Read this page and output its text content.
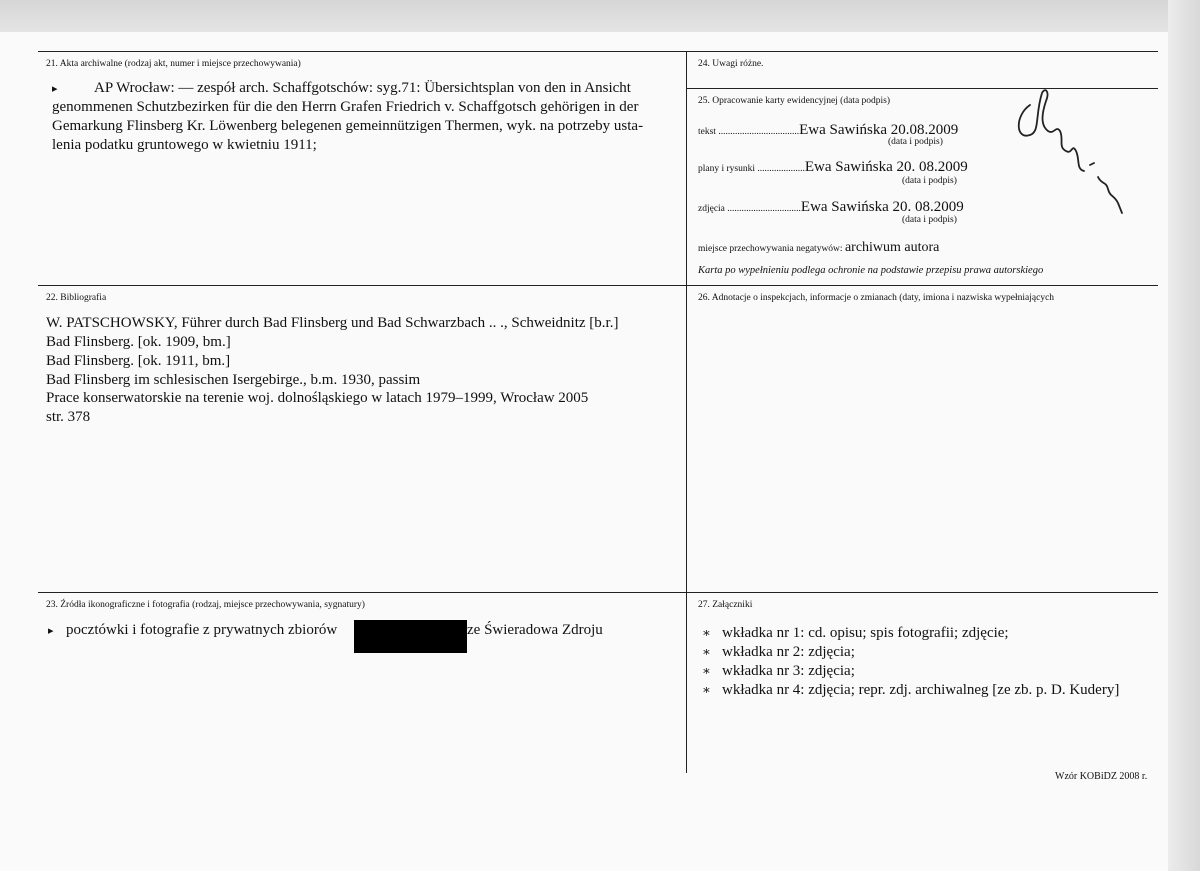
21. Akta archiwalne (rodzaj akt, numer i miejsce przechowywania)
▸ AP Wrocław: — zespół arch. Schaffgotschów: syg.71: Übersichtsplan von den in Ansicht
genommenen Schutzbezirken für die den Herrn Grafen Friedrich v. Schaffgotsch gehörigen in der
Gemarkung Flinsberg Kr. Löwenberg belegenen gemeinnützigen Thermen, wyk. na potrzeby usta-
lenia podatku gruntowego w kwietniu 1911;
24. Uwagi różne.
25. Opracowanie karty ewidencyjnej (data podpis)
tekst ..................................Ewa Sawińska 20.08.2009
(data i podpis)
plany i rysunki ....................Ewa Sawińska 20. 08.2009
(data i podpis)
zdjęcia ...............................Ewa Sawińska 20. 08.2009
(data i podpis)
miejsce przechowywania negatywów: archiwum autora
Karta po wypełnieniu podlega ochronie na podstawie przepisu prawa autorskiego
22. Bibliografia
W. PATSCHOWSKY, Führer durch Bad Flinsberg und Bad Schwarzbach .. ., Schweidnitz [b.r.]
Bad Flinsberg. [ok. 1909, bm.]
Bad Flinsberg. [ok. 1911, bm.]
Bad Flinsberg im schlesischen Isergebirge., b.m. 1930, passim
Prace konserwatorskie na terenie woj. dolnośląskiego w latach 1979–1999, Wrocław 2005
str. 378
26. Adnotacje o inspekcjach, informacje o zmianach (daty, imiona i nazwiska wypełniających
23. Źródła ikonograficzne i fotografia (rodzaj, miejsce przechowywania, sygnatury)
▸ pocztówki i fotografie z prywatnych zbiorów	ze Świeradowa Zdroju
27. Załączniki
∗ wkładka nr 1: cd. opisu; spis fotografii; zdjęcie;
∗ wkładka nr 2: zdjęcia;
∗ wkładka nr 3: zdjęcia;
∗ wkładka nr 4: zdjęcia; repr. zdj. archiwalneg [ze zb. p. D. Kudery]
Wzór KOBiDZ 2008 r.
